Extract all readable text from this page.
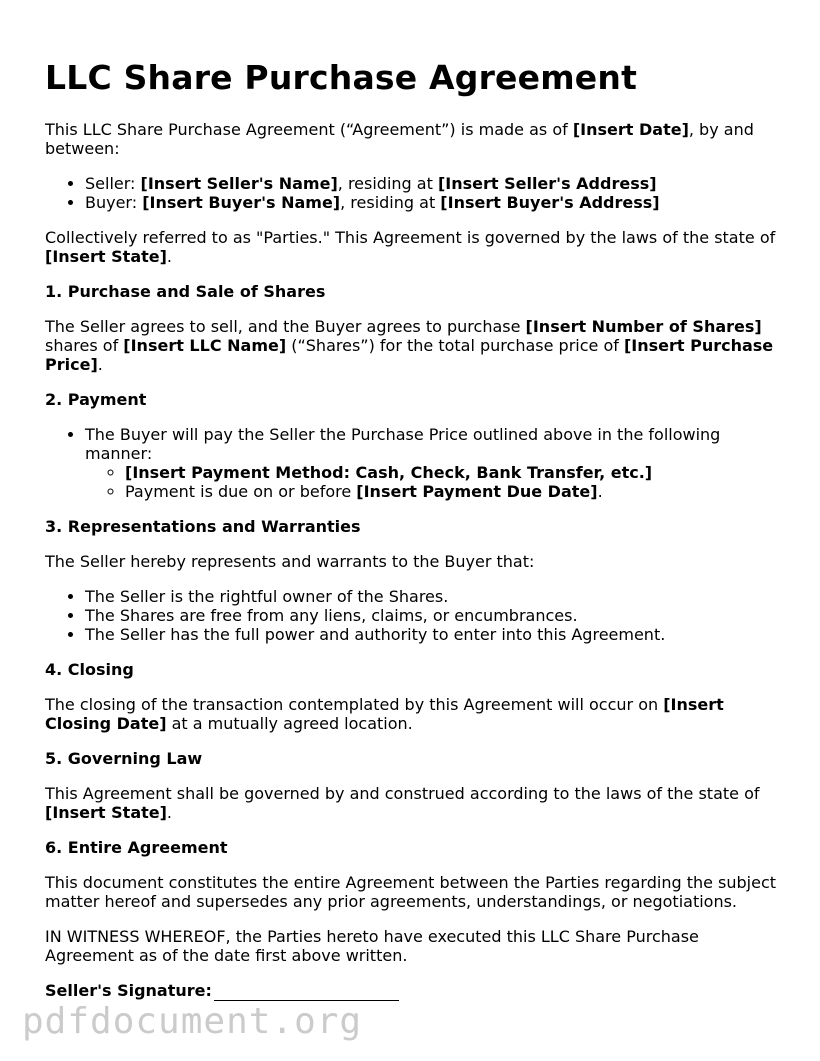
LLC Share Purchase Agreement

This LLC Share Purchase Agreement (“Agreement”) is made as of [Insert Date], by and between:

• Seller: [Insert Seller's Name], residing at [Insert Seller's Address]
• Buyer: [Insert Buyer's Name], residing at [Insert Buyer's Address]

Collectively referred to as "Parties." This Agreement is governed by the laws of the state of [Insert State].

1. Purchase and Sale of Shares

The Seller agrees to sell, and the Buyer agrees to purchase [Insert Number of Shares] shares of [Insert LLC Name] (“Shares”) for the total purchase price of [Insert Purchase Price].

2. Payment

• The Buyer will pay the Seller the Purchase Price outlined above in the following manner:
◦ [Insert Payment Method: Cash, Check, Bank Transfer, etc.]
◦ Payment is due on or before [Insert Payment Due Date].

3. Representations and Warranties

The Seller hereby represents and warrants to the Buyer that:

• The Seller is the rightful owner of the Shares.
• The Shares are free from any liens, claims, or encumbrances.
• The Seller has the full power and authority to enter into this Agreement.

4. Closing

The closing of the transaction contemplated by this Agreement will occur on [Insert Closing Date] at a mutually agreed location.

5. Governing Law

This Agreement shall be governed by and construed according to the laws of the state of [Insert State].

6. Entire Agreement

This document constitutes the entire Agreement between the Parties regarding the subject matter hereof and supersedes any prior agreements, understandings, or negotiations.

IN WITNESS WHEREOF, the Parties hereto have executed this LLC Share Purchase Agreement as of the date first above written.

Seller's Signature:

pdfdocument.org
